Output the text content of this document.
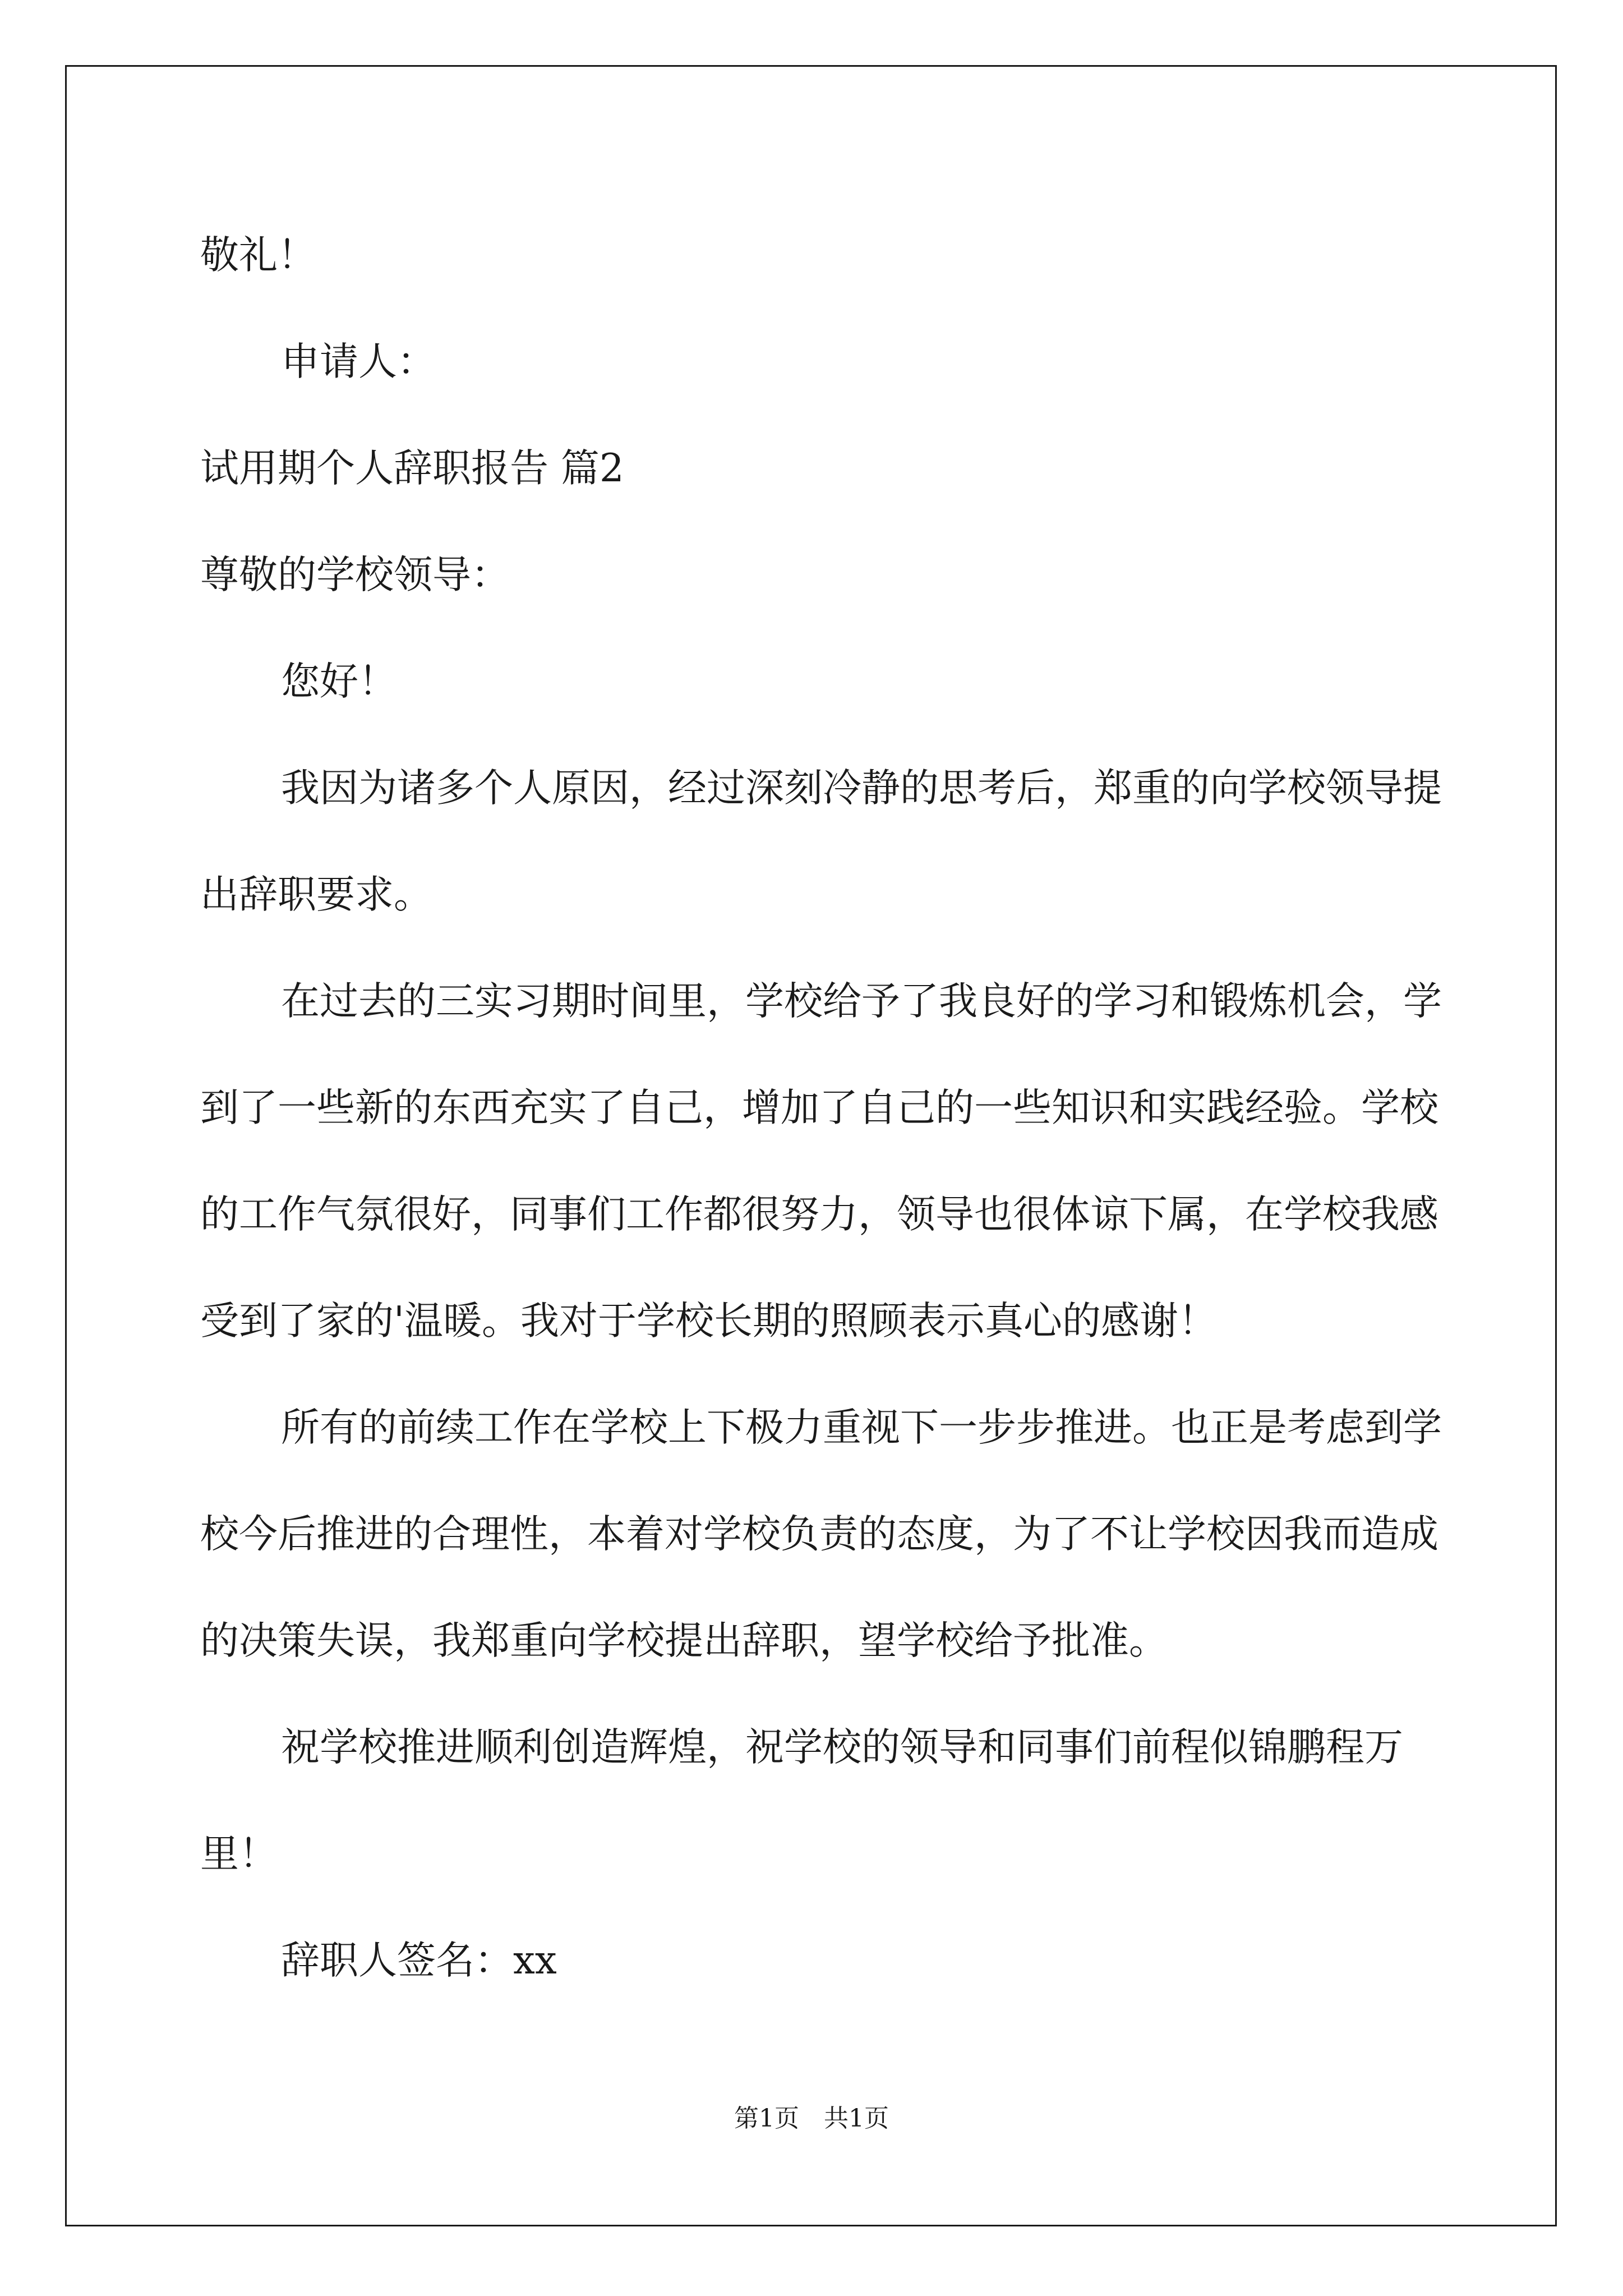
敬礼！

申请人：

试用期个人辞职报告 篇2

尊敬的学校领导：

您好！

我因为诸多个人原因，经过深刻冷静的思考后，郑重的向学校领导提出辞职要求。

在过去的三实习期时间里，学校给予了我良好的学习和锻炼机会，学到了一些新的东西充实了自己，增加了自己的一些知识和实践经验。学校的工作气氛很好，同事们工作都很努力，领导也很体谅下属，在学校我感受到了家的'温暖。我对于学校长期的照顾表示真心的感谢！

所有的前续工作在学校上下极力重视下一步步推进。也正是考虑到学校今后推进的合理性，本着对学校负责的态度，为了不让学校因我而造成的决策失误，我郑重向学校提出辞职，望学校给予批准。

祝学校推进顺利创造辉煌，祝学校的领导和同事们前程似锦鹏程万里！

辞职人签名：xx

第1页　共1页
